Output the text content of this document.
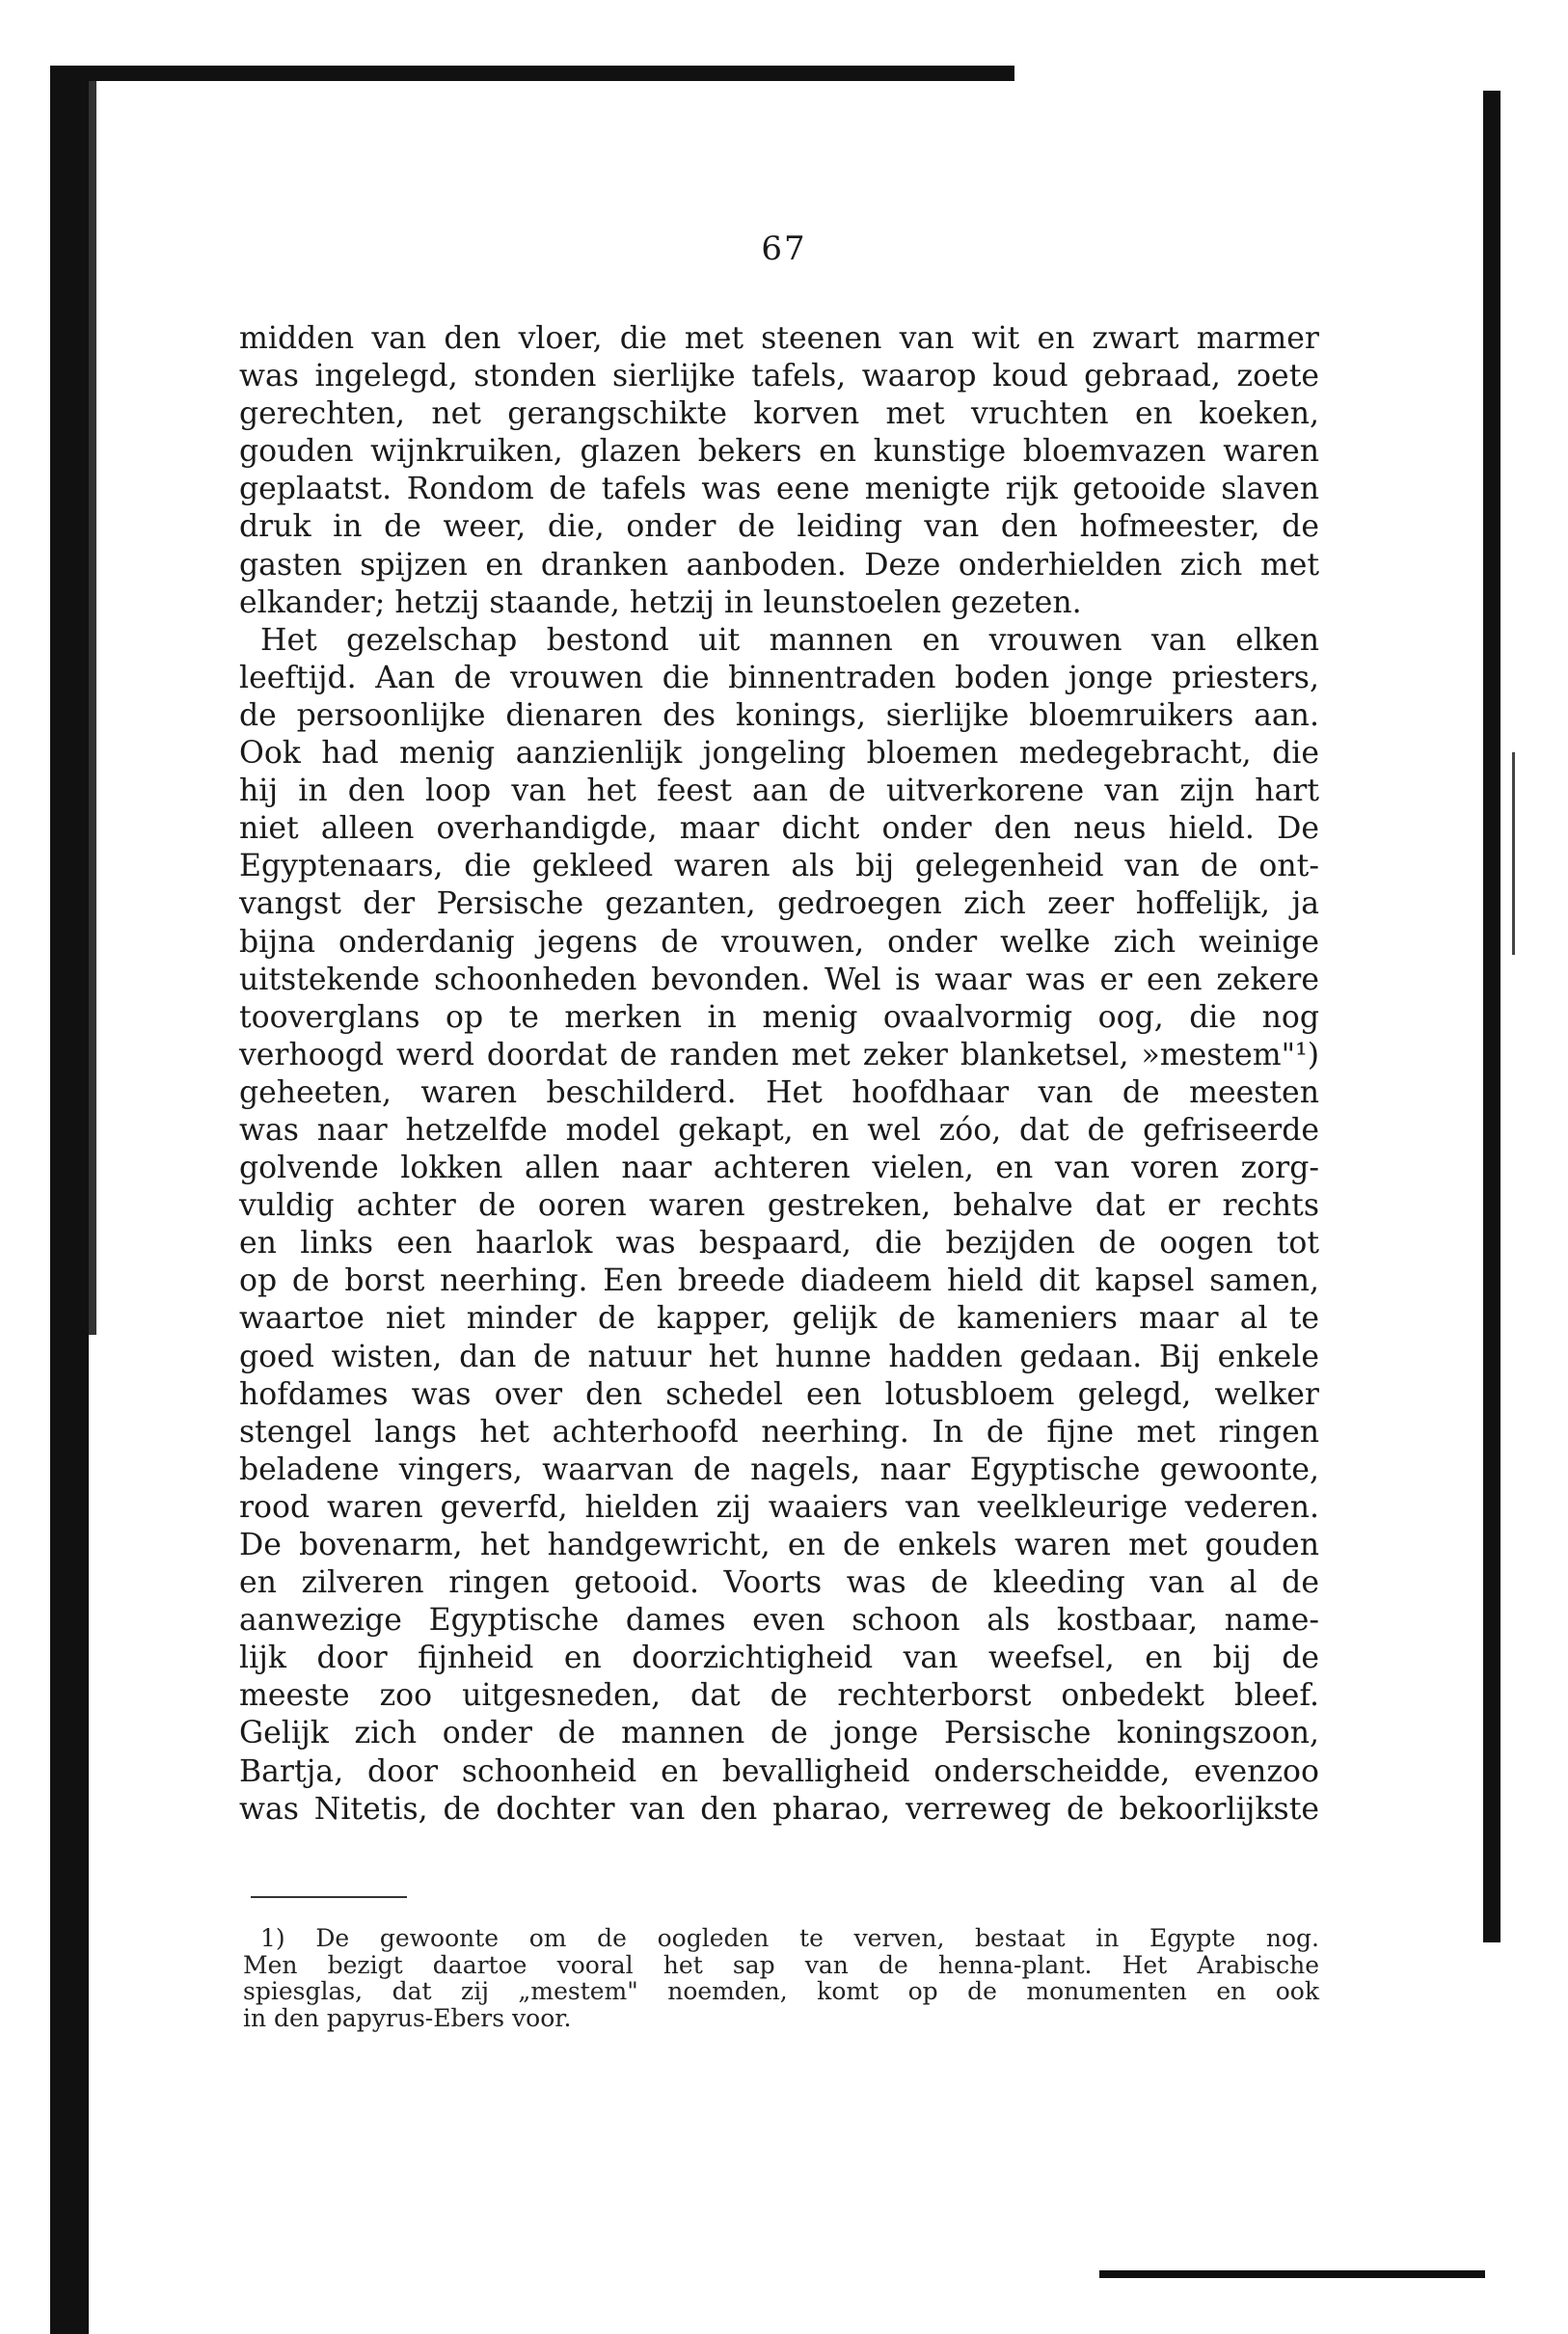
67
midden van den vloer, die met steenen van wit en zwart marmer
was ingelegd, stonden sierlijke tafels, waarop koud gebraad, zoete
gerechten, net gerangschikte korven met vruchten en koeken,
gouden wijnkruiken, glazen bekers en kunstige bloemvazen waren
geplaatst. Rondom de tafels was eene menigte rijk getooide slaven
druk in de weer, die, onder de leiding van den hofmeester, de
gasten spijzen en dranken aanboden. Deze onderhielden zich met
elkander; hetzij staande, hetzij in leunstoelen gezeten.
Het gezelschap bestond uit mannen en vrouwen van elken
leeftijd. Aan de vrouwen die binnentraden boden jonge priesters,
de persoonlijke dienaren des konings, sierlijke bloemruikers aan.
Ook had menig aanzienlijk jongeling bloemen medegebracht, die
hij in den loop van het feest aan de uitverkorene van zijn hart
niet alleen overhandigde, maar dicht onder den neus hield. De
Egyptenaars, die gekleed waren als bij gelegenheid van de ont-
vangst der Persische gezanten, gedroegen zich zeer hoffelijk, ja
bijna onderdanig jegens de vrouwen, onder welke zich weinige
uitstekende schoonheden bevonden. Wel is waar was er een zekere
tooverglans op te merken in menig ovaalvormig oog, die nog
verhoogd werd doordat de randen met zeker blanketsel, »mestem"¹)
geheeten, waren beschilderd. Het hoofdhaar van de meesten
was naar hetzelfde model gekapt, en wel zóo, dat de gefriseerde
golvende lokken allen naar achteren vielen, en van voren zorg-
vuldig achter de ooren waren gestreken, behalve dat er rechts
en links een haarlok was bespaard, die bezijden de oogen tot
op de borst neerhing. Een breede diadeem hield dit kapsel samen,
waartoe niet minder de kapper, gelijk de kameniers maar al te
goed wisten, dan de natuur het hunne hadden gedaan. Bij enkele
hofdames was over den schedel een lotusbloem gelegd, welker
stengel langs het achterhoofd neerhing. In de fijne met ringen
beladene vingers, waarvan de nagels, naar Egyptische gewoonte,
rood waren geverfd, hielden zij waaiers van veelkleurige vederen.
De bovenarm, het handgewricht, en de enkels waren met gouden
en zilveren ringen getooid. Voorts was de kleeding van al de
aanwezige Egyptische dames even schoon als kostbaar, name-
lijk door fijnheid en doorzichtigheid van weefsel, en bij de
meeste zoo uitgesneden, dat de rechterborst onbedekt bleef.
Gelijk zich onder de mannen de jonge Persische koningszoon,
Bartja, door schoonheid en bevalligheid onderscheidde, evenzoo
was Nitetis, de dochter van den pharao, verreweg de bekoorlijkste
1) De gewoonte om de oogleden te verven, bestaat in Egypte nog.
Men bezigt daartoe vooral het sap van de henna-plant. Het Arabische
spiesglas, dat zij „mestem" noemden, komt op de monumenten en ook
in den papyrus-Ebers voor.
